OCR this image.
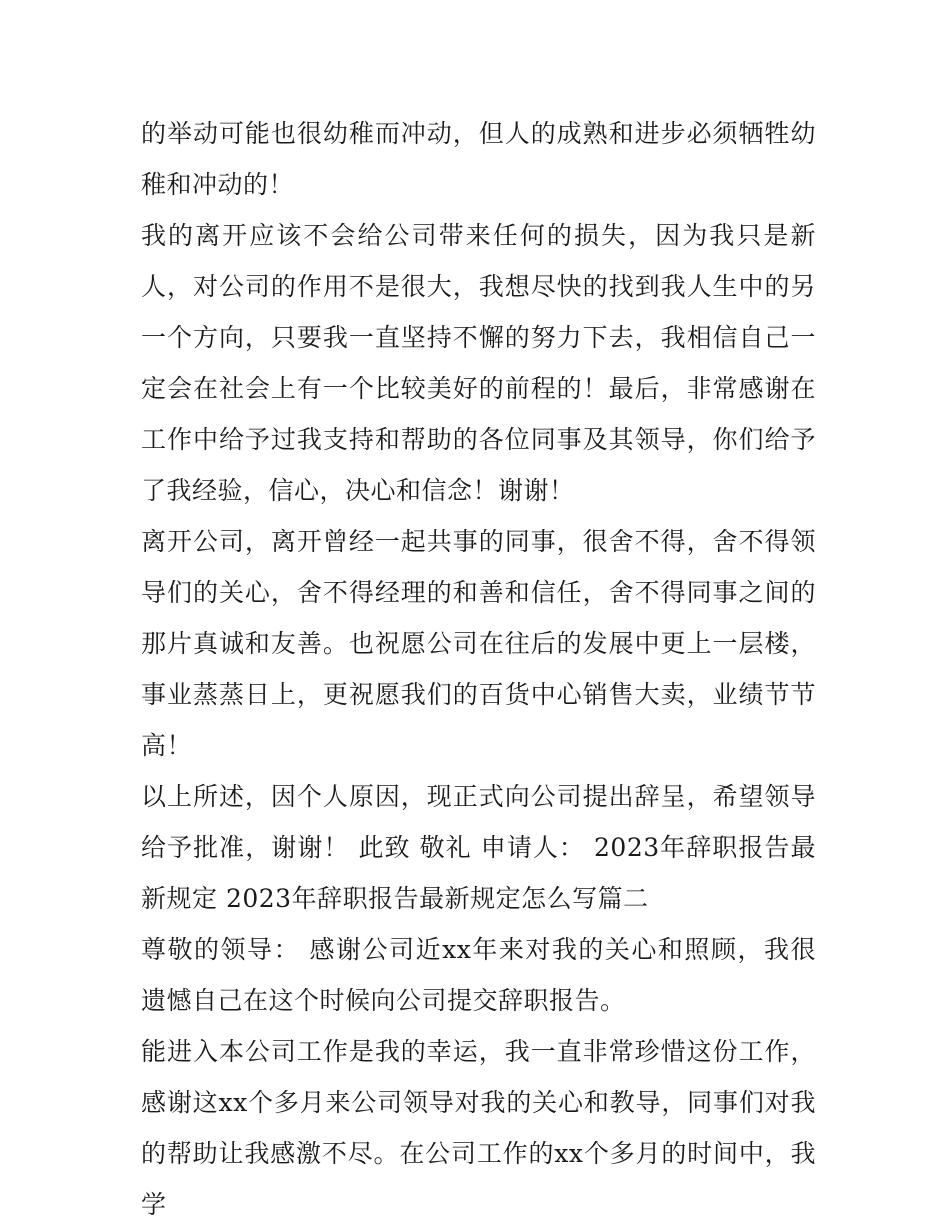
的举动可能也很幼稚而冲动，但人的成熟和进步必须牺牲幼稚和冲动的！

我的离开应该不会给公司带来任何的损失，因为我只是新人，对公司的作用不是很大，我想尽快的找到我人生中的另一个方向，只要我一直坚持不懈的努力下去，我相信自己一定会在社会上有一个比较美好的前程的！最后，非常感谢在工作中给予过我支持和帮助的各位同事及其领导，你们给予了我经验，信心，决心和信念！谢谢！

离开公司，离开曾经一起共事的同事，很舍不得，舍不得领导们的关心，舍不得经理的和善和信任，舍不得同事之间的那片真诚和友善。也祝愿公司在往后的发展中更上一层楼，事业蒸蒸日上，更祝愿我们的百货中心销售大卖，业绩节节高！

以上所述，因个人原因，现正式向公司提出辞呈，希望领导给予批准，谢谢！ 此致 敬礼 申请人： 2023年辞职报告最新规定 2023年辞职报告最新规定怎么写篇二

尊敬的领导： 感谢公司近xx年来对我的关心和照顾，我很遗憾自己在这个时候向公司提交辞职报告。

能进入本公司工作是我的幸运，我一直非常珍惜这份工作，感谢这xx个多月来公司领导对我的关心和教导，同事们对我的帮助让我感激不尽。在公司工作的xx个多月的时间中，我学
